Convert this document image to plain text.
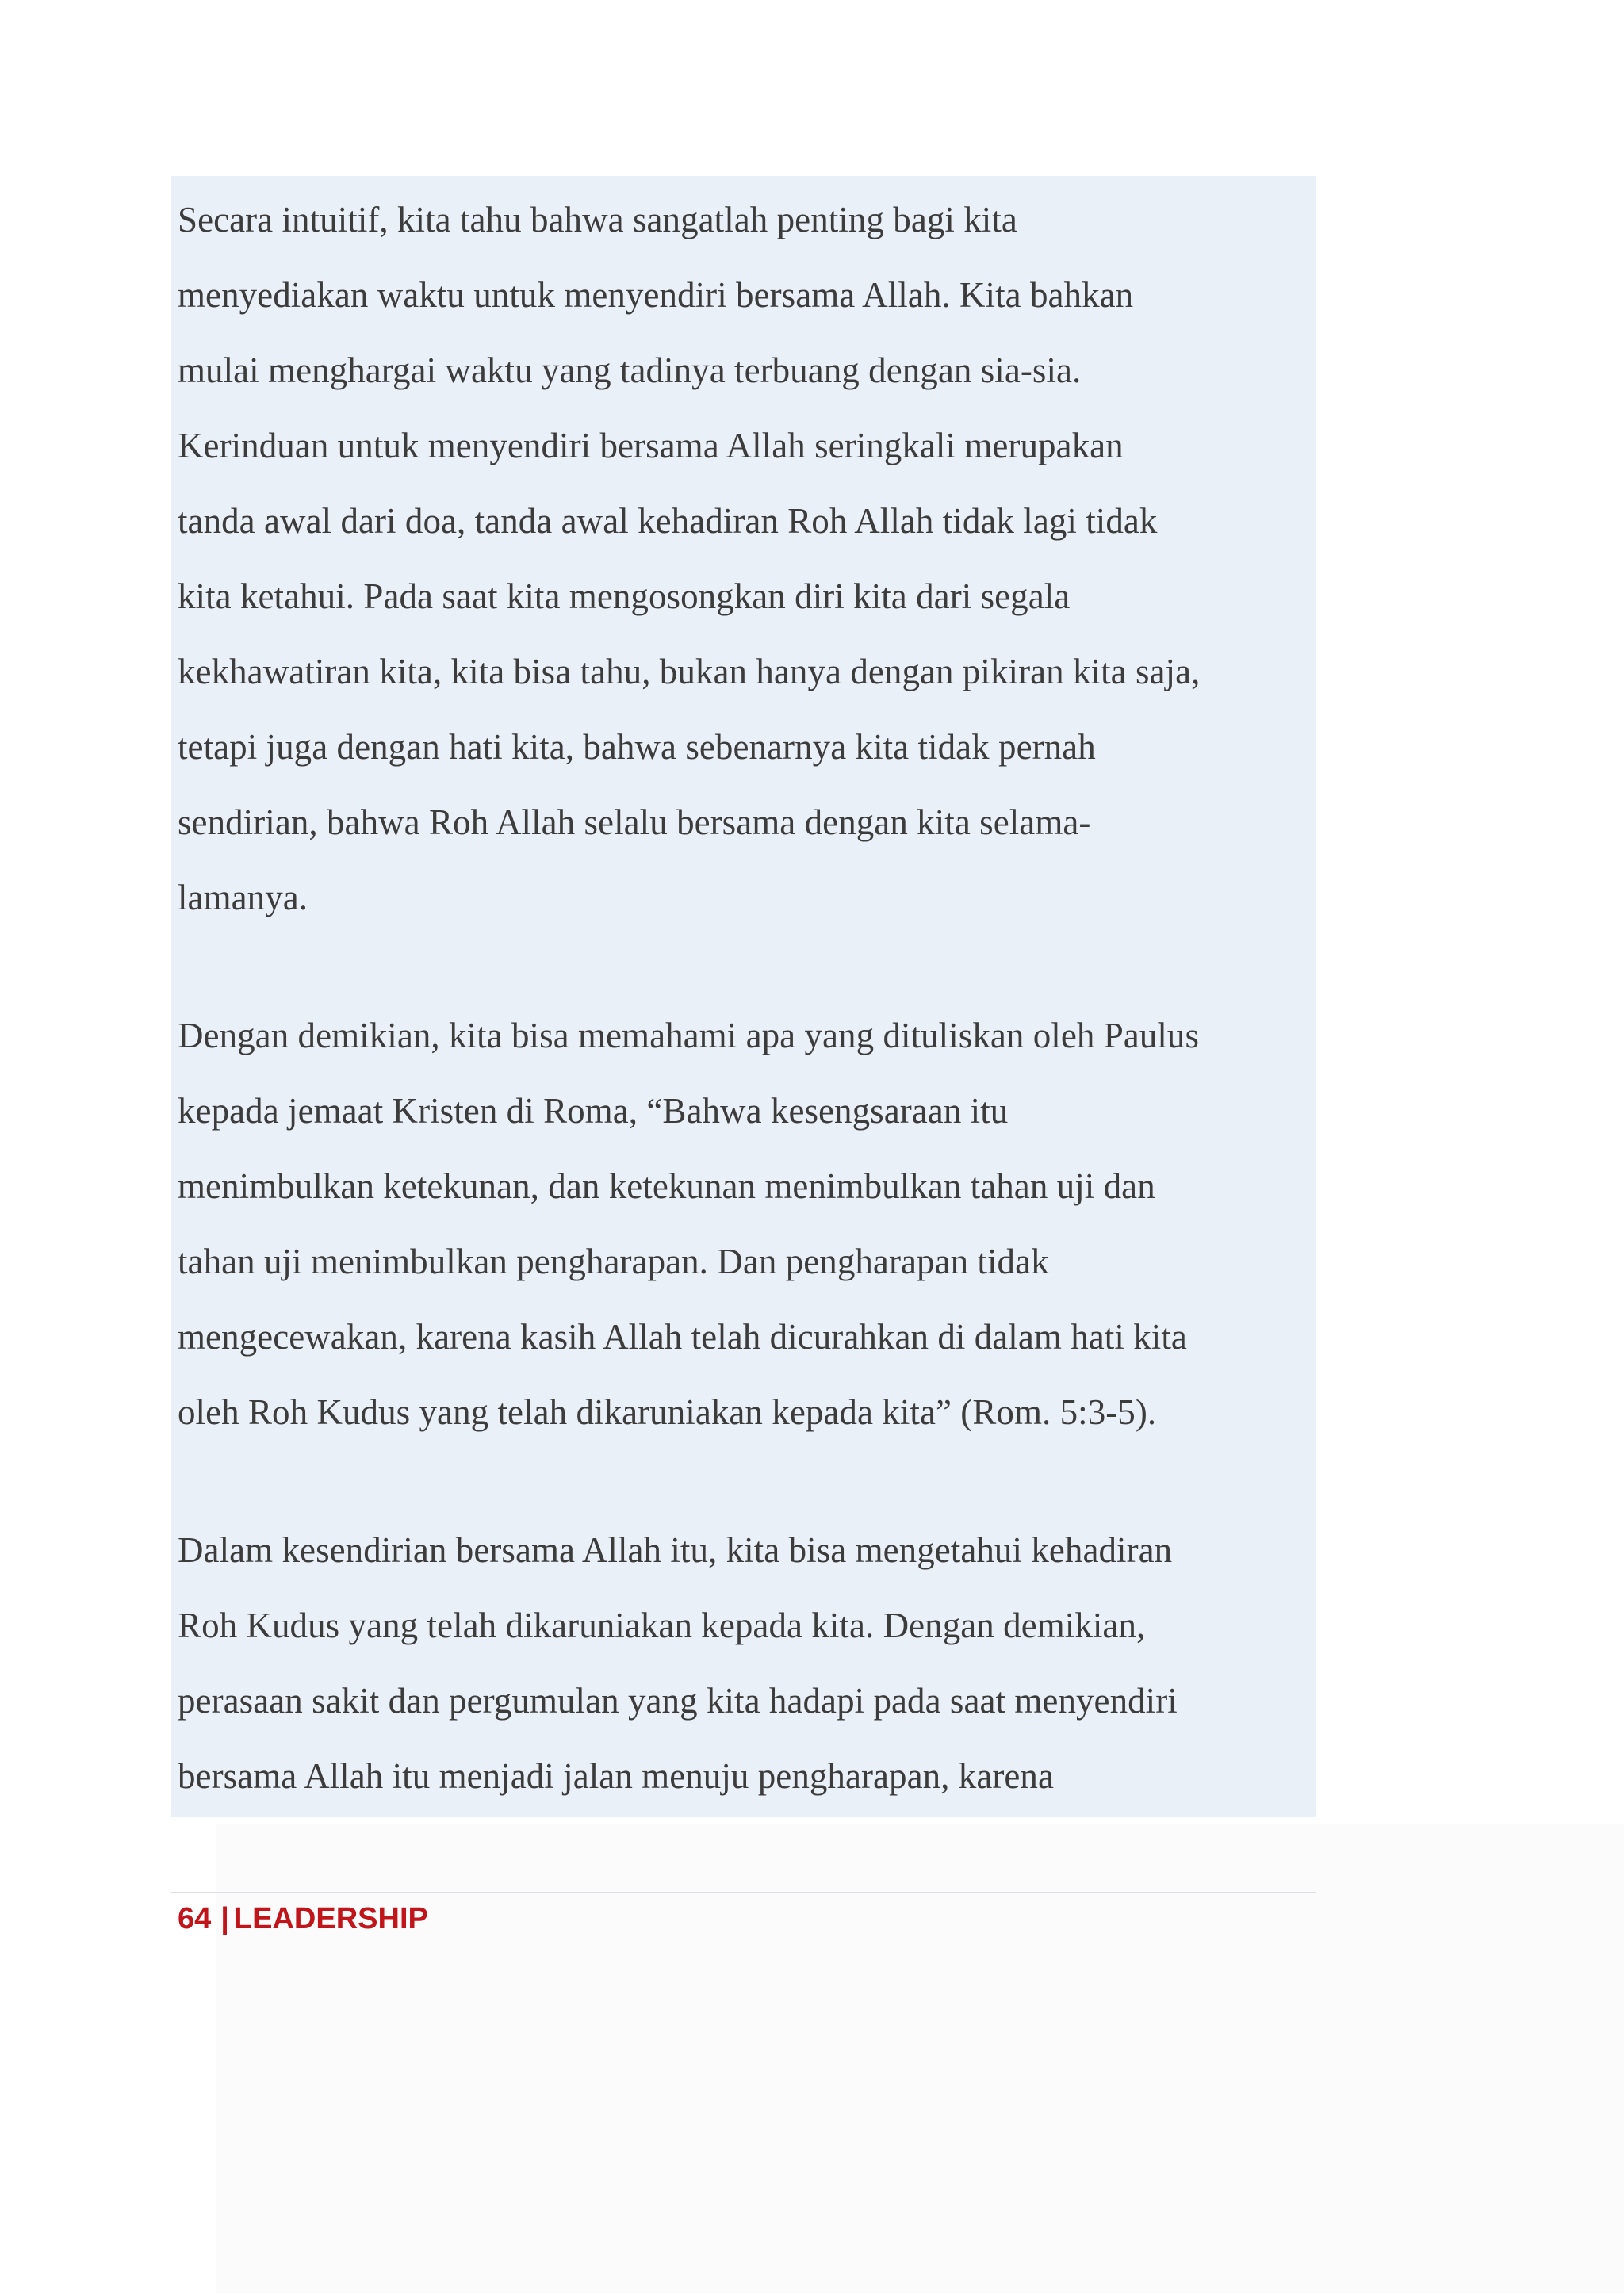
Secara intuitif, kita tahu bahwa sangatlah penting bagi kita
menyediakan waktu untuk menyendiri bersama Allah. Kita bahkan
mulai menghargai waktu yang tadinya terbuang dengan sia-sia.
Kerinduan untuk menyendiri bersama Allah seringkali merupakan
tanda awal dari doa, tanda awal kehadiran Roh Allah tidak lagi tidak
kita ketahui. Pada saat kita mengosongkan diri kita dari segala
kekhawatiran kita, kita bisa tahu, bukan hanya dengan pikiran kita saja,
tetapi juga dengan hati kita, bahwa sebenarnya kita tidak pernah
sendirian, bahwa Roh Allah selalu bersama dengan kita selama-
lamanya.

Dengan demikian, kita bisa memahami apa yang dituliskan oleh Paulus
kepada jemaat Kristen di Roma, “Bahwa kesengsaraan itu
menimbulkan ketekunan, dan ketekunan menimbulkan tahan uji dan
tahan uji menimbulkan pengharapan. Dan pengharapan tidak
mengecewakan, karena kasih Allah telah dicurahkan di dalam hati kita
oleh Roh Kudus yang telah dikaruniakan kepada kita” (Rom. 5:3-5).

Dalam kesendirian bersama Allah itu, kita bisa mengetahui kehadiran
Roh Kudus yang telah dikaruniakan kepada kita. Dengan demikian,
perasaan sakit dan pergumulan yang kita hadapi pada saat menyendiri
bersama Allah itu menjadi jalan menuju pengharapan, karena

64 | LEADERSHIP
